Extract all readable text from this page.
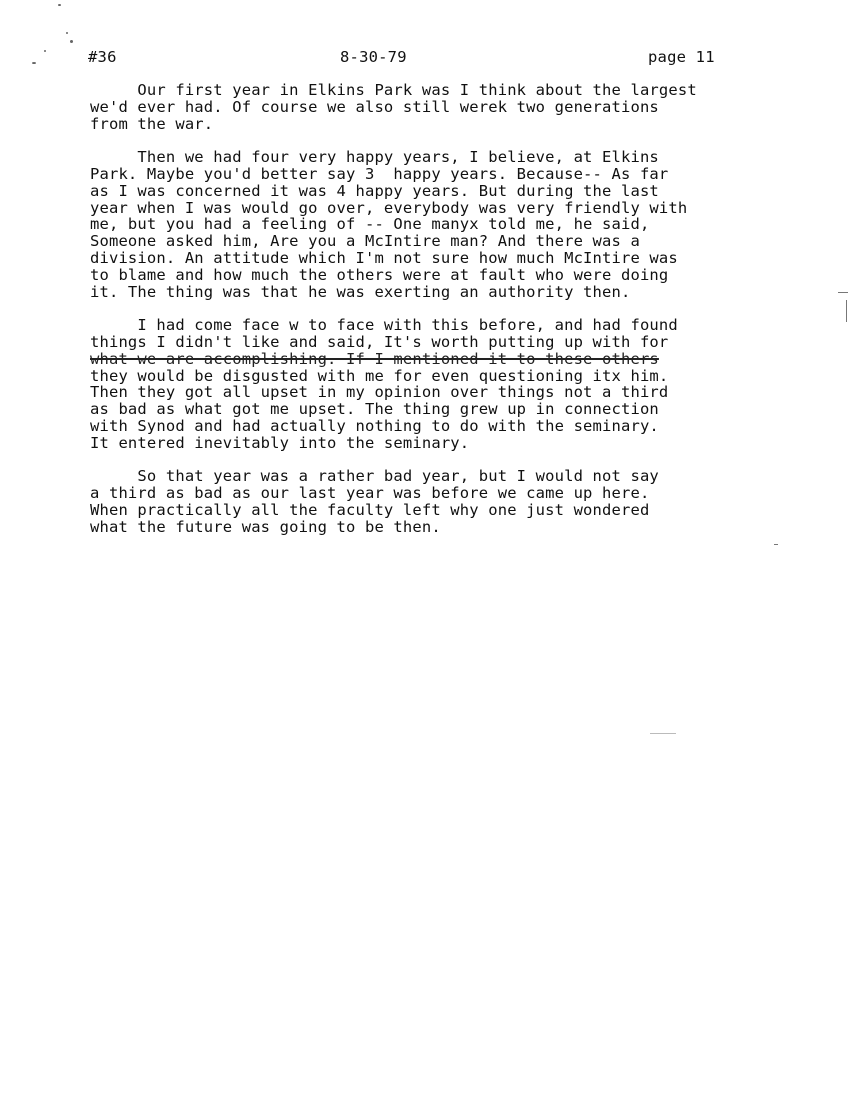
#36	8-30-79	page 11

Our first year in Elkins Park was I think about the largest
we'd ever had. Of course we also still werek two generations
from the war.

Then we had four very happy years, I believe, at Elkins
Park. Maybe you'd better say 3  happy years. Because-- As far
as I was concerned it was 4 happy years. But during the last
year when I was would go over, everybody was very friendly with
me, but you had a feeling of -- One manyx told me, he said,
Someone asked him, Are you a McIntire man? And there was a
division. An attitude which I'm not sure how much McIntire was
to blame and how much the others were at fault who were doing
it. The thing was that he was exerting an authority then.

I had come face w to face with this before, and had found
things I didn't like and said, It's worth putting up with for
what we are accomplishing. If I mentioned it to these others
they would be disgusted with me for even questioning itx him.
Then they got all upset in my opinion over things not a third
as bad as what got me upset. The thing grew up in connection
with Synod and had actually nothing to do with the seminary.
It entered inevitably into the seminary.

So that year was a rather bad year, but I would not say
a third as bad as our last year was before we came up here.
When practically all the faculty left why one just wondered
what the future was going to be then.
